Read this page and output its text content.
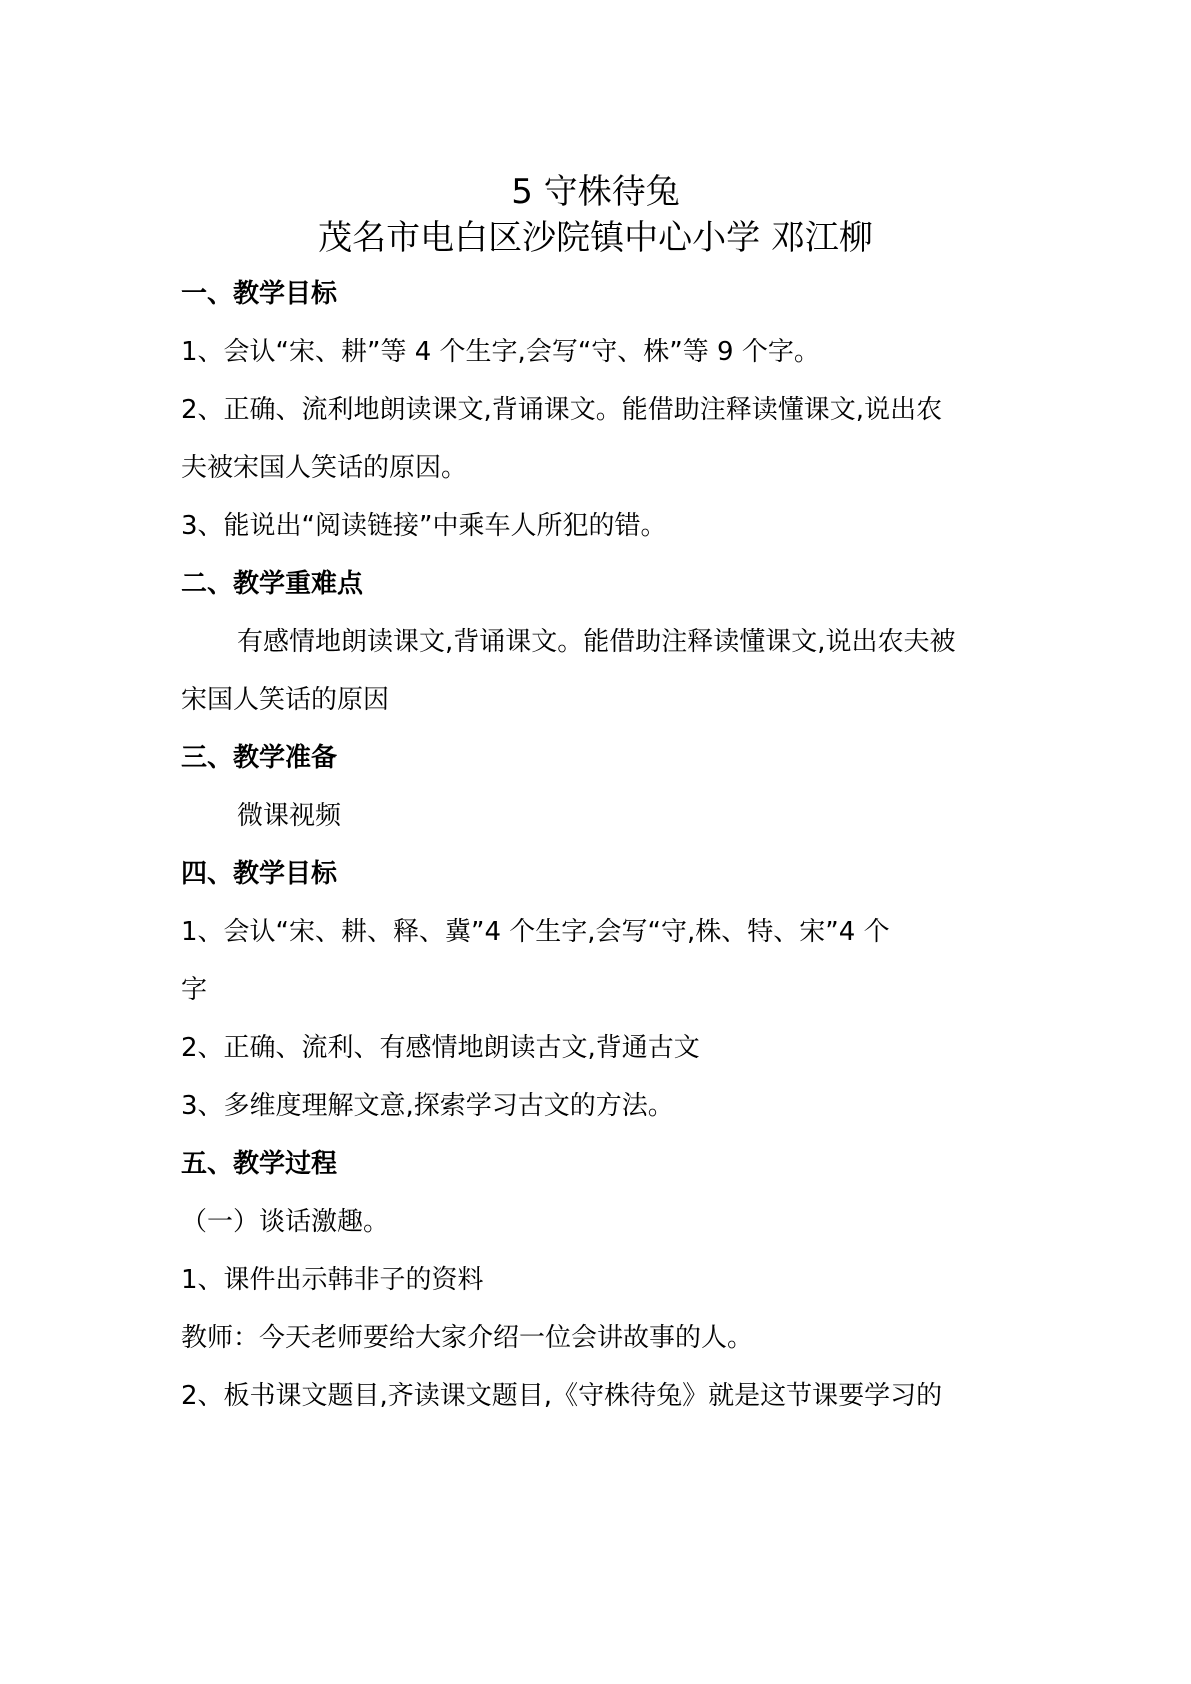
5 守株待兔
茂名市电白区沙院镇中心小学 邓江柳
一、教学目标
1、会认“宋、耕”等 4 个生字,会写“守、株”等 9 个字。
2、正确、流利地朗读课文,背诵课文。能借助注释读懂课文,说出农
夫被宋国人笑话的原因。
3、能说出“阅读链接”中乘车人所犯的错。
二、教学重难点
有感情地朗读课文,背诵课文。能借助注释读懂课文,说出农夫被
宋国人笑话的原因
三、教学准备
微课视频
四、教学目标
1、会认“宋、耕、释、冀”4 个生字,会写“守,株、特、宋”4 个
字
2、正确、流利、有感情地朗读古文,背通古文
3、多维度理解文意,探索学习古文的方法。
五、教学过程
（一）谈话激趣。
1、课件出示韩非子的资料
教师：今天老师要给大家介绍一位会讲故事的人。
2、板书课文题目,齐读课文题目,《守株待兔》就是这节课要学习的
